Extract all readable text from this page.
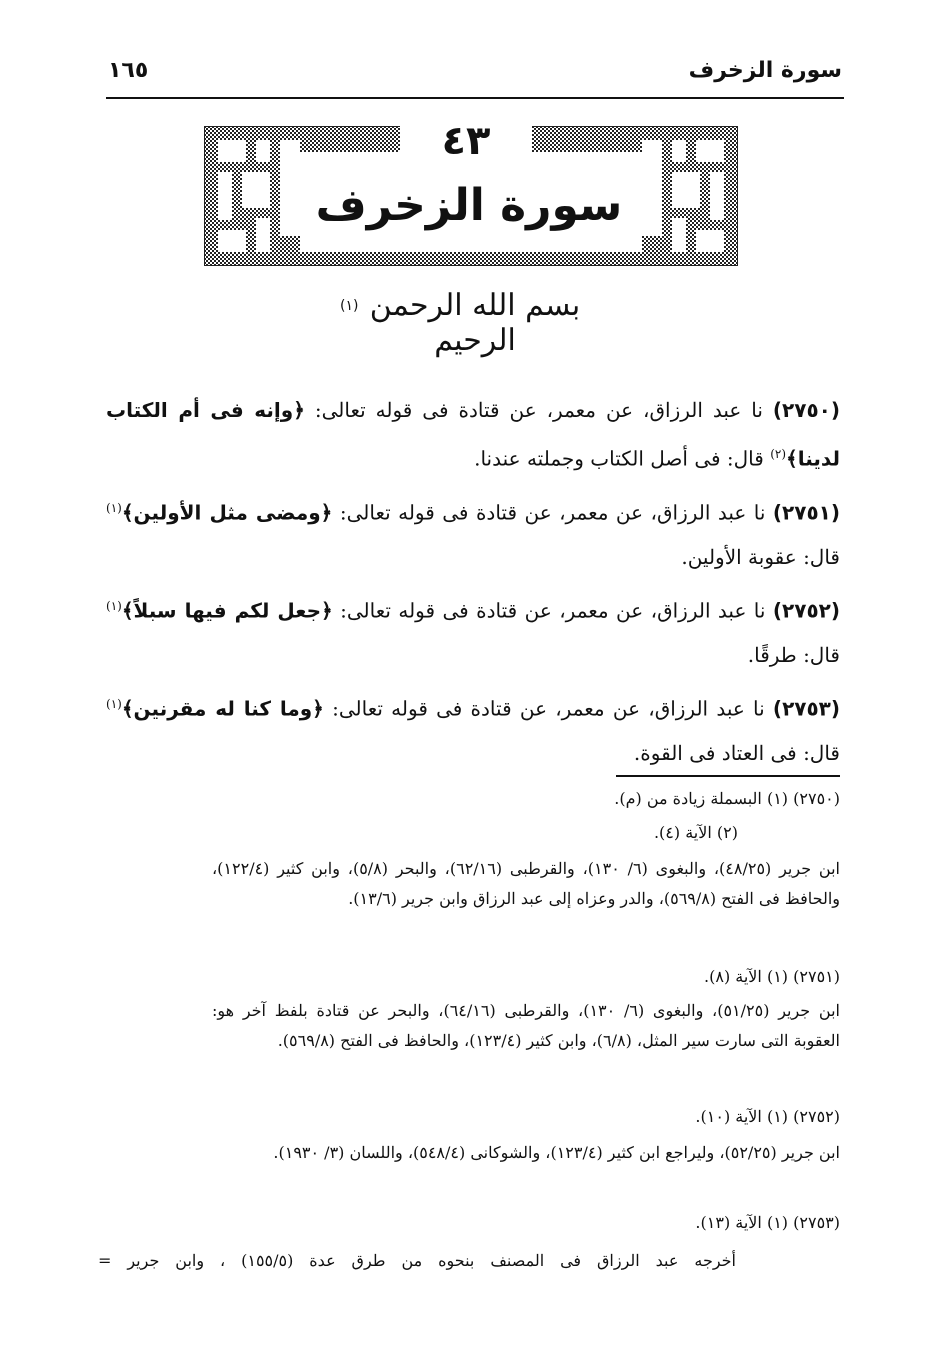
سورة الزخرف
١٦٥
٤٣
سورة الزخرف
بسم الله الرحمن الرحيم
(١)
(٢٧٥٠) نا عبد الرزاق، عن معمر، عن قتادة فى قوله تعالى: ﴿وإنه فى أم الكتاب لدينا﴾$^{(٢)}$ قال: فى أصل الكتاب وجملته عندنا.
(٢٧٥١) نا عبد الرزاق، عن معمر، عن قتادة فى قوله تعالى: ﴿ومضى مثل الأولين﴾$^{(١)}$ قال: عقوبة الأولين.
(٢٧٥٢) نا عبد الرزاق، عن معمر، عن قتادة فى قوله تعالى: ﴿جعل لكم فيها سبلاً﴾$^{(١)}$ قال: طرقًا.
(٢٧٥٣) نا عبد الرزاق، عن معمر، عن قتادة فى قوله تعالى: ﴿وما كنا له مقرنين﴾$^{(١)}$ قال: فى العتاد فى القوة.
(٢٧٥٠) (١) البسملة زيادة من (م).
(٢) الآية (٤).
ابن جرير (٤٨/٢٥)، والبغوى (٦/ ١٣٠)، والقرطبى (٦٢/١٦)، والبحر (٥/٨)، وابن كثير (١٢٢/٤)، والحافظ فى الفتح (٥٦٩/٨)، والدر وعزاه إلى عبد الرزاق وابن جرير (١٣/٦).
(٢٧٥١) (١) الآية (٨).
ابن جرير (٥١/٢٥)، والبغوى (٦/ ١٣٠)، والقرطبى (٦٤/١٦)، والبحر عن قتادة بلفظ آخر هو: العقوبة التى سارت سير المثل، (٦/٨)، وابن كثير (١٢٣/٤)، والحافظ فى الفتح (٥٦٩/٨).
(٢٧٥٢) (١) الآية (١٠).
ابن جرير (٥٢/٢٥)، وليراجع ابن كثير (١٢٣/٤)، والشوكانى (٥٤٨/٤)، واللسان (٣/ ١٩٣٠).
(٢٧٥٣) (١) الآية (١٣).
أخرجه عبد الرزاق فى المصنف بنحوه من طرق عدة (١٥٥/٥) ، وابن جرير =
